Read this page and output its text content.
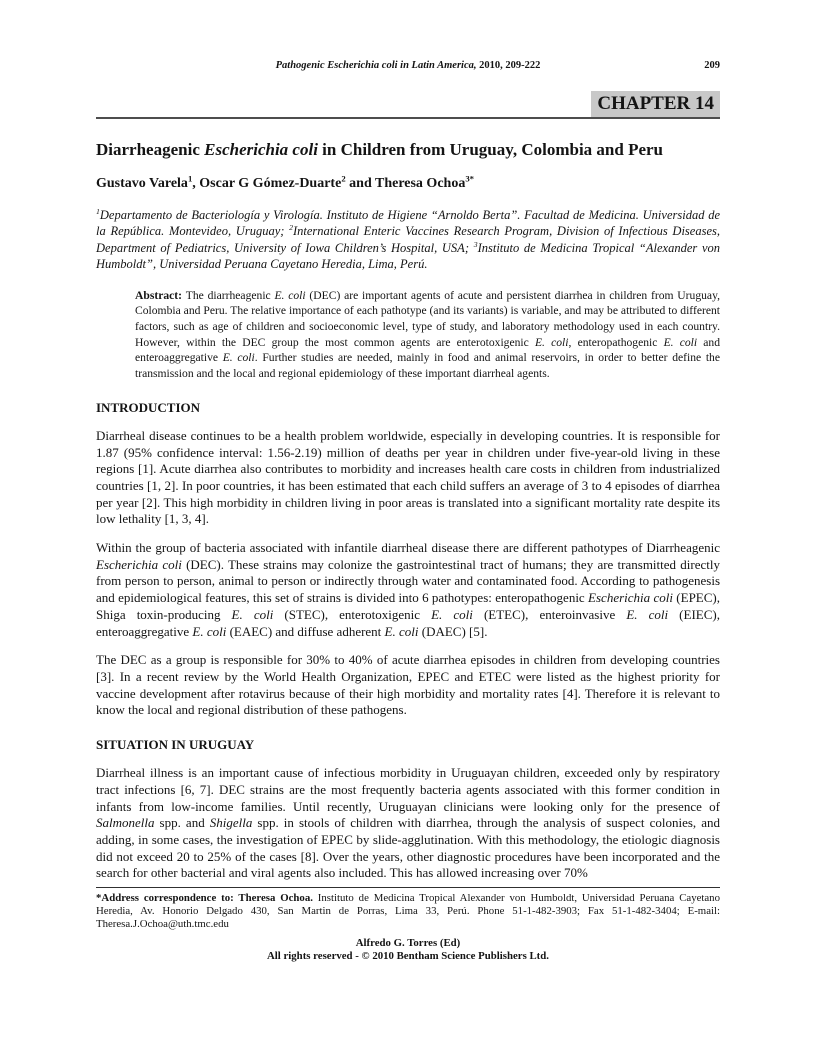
Pathogenic Escherichia coli in Latin America, 2010, 209-222	209
CHAPTER 14
Diarrheagenic Escherichia coli in Children from Uruguay, Colombia and Peru
Gustavo Varela$^1$, Oscar G Gómez-Duarte$^2$ and Theresa Ochoa$^{3*}$
$^1$Departamento de Bacteriología y Virología. Instituto de Higiene “Arnoldo Berta”. Facultad de Medicina. Universidad de la República. Montevideo, Uruguay; $^2$International Enteric Vaccines Research Program, Division of Infectious Diseases, Department of Pediatrics, University of Iowa Children’s Hospital, USA; $^3$Instituto de Medicina Tropical “Alexander von Humboldt”, Universidad Peruana Cayetano Heredia, Lima, Perú.
Abstract: The diarrheagenic E. coli (DEC) are important agents of acute and persistent diarrhea in children from Uruguay, Colombia and Peru. The relative importance of each pathotype (and its variants) is variable, and may be attributed to different factors, such as age of children and socioeconomic level, type of study, and laboratory methodology used in each country. However, within the DEC group the most common agents are enterotoxigenic E. coli, enteropathogenic E. coli and enteroaggregative E. coli. Further studies are needed, mainly in food and animal reservoirs, in order to better define the transmission and the local and regional epidemiology of these important diarrheal agents.
INTRODUCTION

Diarrheal disease continues to be a health problem worldwide, especially in developing countries. It is responsible for 1.87 (95% confidence interval: 1.56-2.19) million of deaths per year in children under five-year-old living in these regions [1]. Acute diarrhea also contributes to morbidity and increases health care costs in children from industrialized countries [1, 2]. In poor countries, it has been estimated that each child suffers an average of 3 to 4 episodes of diarrhea per year [2]. This high morbidity in children living in poor areas is translated into a significant mortality rate despite its low lethality [1, 3, 4].

Within the group of bacteria associated with infantile diarrheal disease there are different pathotypes of Diarrheagenic Escherichia coli (DEC). These strains may colonize the gastrointestinal tract of humans; they are transmitted directly from person to person, animal to person or indirectly through water and contaminated food. According to pathogenesis and epidemiological features, this set of strains is divided into 6 pathotypes: enteropathogenic Escherichia coli (EPEC), Shiga toxin-producing E. coli (STEC), enterotoxigenic E. coli (ETEC), enteroinvasive E. coli (EIEC), enteroaggregative E. coli (EAEC) and diffuse adherent E. coli (DAEC) [5].

The DEC as a group is responsible for 30% to 40% of acute diarrhea episodes in children from developing countries [3]. In a recent review by the World Health Organization, EPEC and ETEC were listed as the highest priority for vaccine development after rotavirus because of their high morbidity and mortality rates [4]. Therefore it is relevant to know the local and regional distribution of these pathogens.

SITUATION IN URUGUAY

Diarrheal illness is an important cause of infectious morbidity in Uruguayan children, exceeded only by respiratory tract infections [6, 7]. DEC strains are the most frequently bacteria agents associated with this former condition in infants from low-income families. Until recently, Uruguayan clinicians were looking only for the presence of Salmonella spp. and Shigella spp. in stools of children with diarrhea, through the analysis of suspect colonies, and adding, in some cases, the investigation of EPEC by slide-agglutination. With this methodology, the etiologic diagnosis did not exceed 20 to 25% of the cases [8]. Over the years, other diagnostic procedures have been incorporated and the search for other bacterial and viral agents also included. This has allowed increasing over 70%

*Address correspondence to: Theresa Ochoa. Instituto de Medicina Tropical Alexander von Humboldt, Universidad Peruana Cayetano Heredia, Av. Honorio Delgado 430, San Martin de Porras, Lima 33, Perú. Phone 51-1-482-3903; Fax 51-1-482-3404; E-mail: Theresa.J.Ochoa@uth.tmc.edu
Alfredo G. Torres (Ed)
All rights reserved - © 2010 Bentham Science Publishers Ltd.
